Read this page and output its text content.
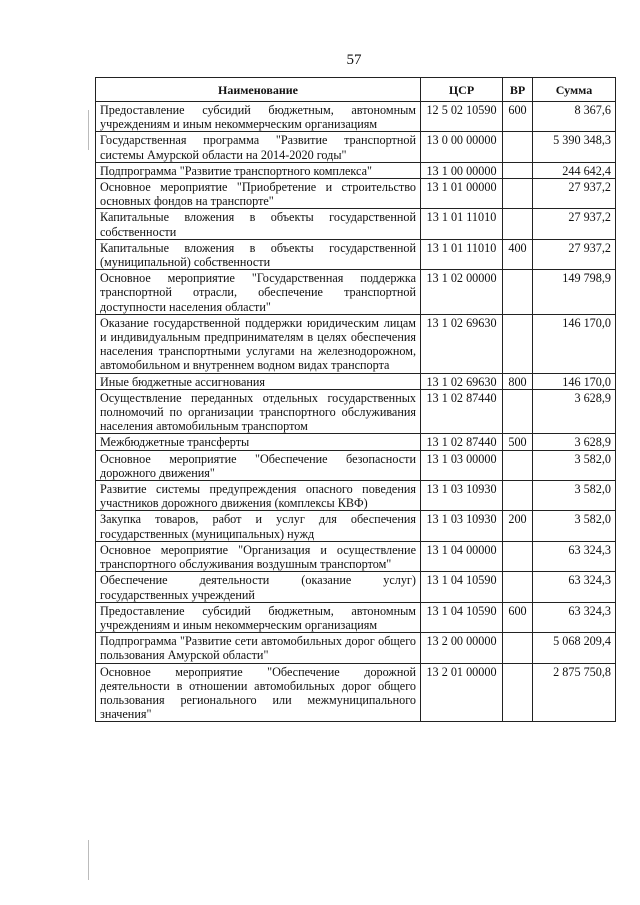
57
Наименование	ЦСР	ВР	Сумма
Предоставление субсидий бюджетным, автономным учреждениям и иным некоммерческим организациям	12 5 02 10590	600	8 367,6
Государственная программа "Развитие транспортной системы Амурской области на 2014-2020 годы"	13 0 00 00000		5 390 348,3
Подпрограмма "Развитие транспортного комплекса"	13 1 00 00000		244 642,4
Основное мероприятие "Приобретение и строительство основных фондов на транспорте"	13 1 01 00000		27 937,2
Капитальные вложения в объекты государственной собственности	13 1 01 11010		27 937,2
Капитальные вложения в объекты государственной (муниципальной) собственности	13 1 01 11010	400	27 937,2
Основное мероприятие "Государственная поддержка транспортной отрасли, обеспечение транспортной доступности населения области"	13 1 02 00000		149 798,9
Оказание государственной поддержки юридическим лицам и индивидуальным предпринимателям в целях обеспечения населения транспортными услугами на железнодорожном, автомобильном и внутреннем водном видах транспорта	13 1 02 69630		146 170,0
Иные бюджетные ассигнования	13 1 02 69630	800	146 170,0
Осуществление переданных отдельных государственных полномочий по организации транспортного обслуживания населения автомобильным транспортом	13 1 02 87440		3 628,9
Межбюджетные трансферты	13 1 02 87440	500	3 628,9
Основное мероприятие "Обеспечение безопасности дорожного движения"	13 1 03 00000		3 582,0
Развитие системы предупреждения опасного поведения участников дорожного движения (комплексы КВФ)	13 1 03 10930		3 582,0
Закупка товаров, работ и услуг для обеспечения государственных (муниципальных) нужд	13 1 03 10930	200	3 582,0
Основное мероприятие "Организация и осуществление транспортного обслуживания воздушным транспортом"	13 1 04 00000		63 324,3
Обеспечение деятельности (оказание услуг) государственных учреждений	13 1 04 10590		63 324,3
Предоставление субсидий бюджетным, автономным учреждениям и иным некоммерческим организациям	13 1 04 10590	600	63 324,3
Подпрограмма "Развитие сети автомобильных дорог общего пользования Амурской области"	13 2 00 00000		5 068 209,4
Основное мероприятие "Обеспечение дорожной деятельности в отношении автомобильных дорог общего пользования регионального или межмуниципального значения"	13 2 01 00000		2 875 750,8
